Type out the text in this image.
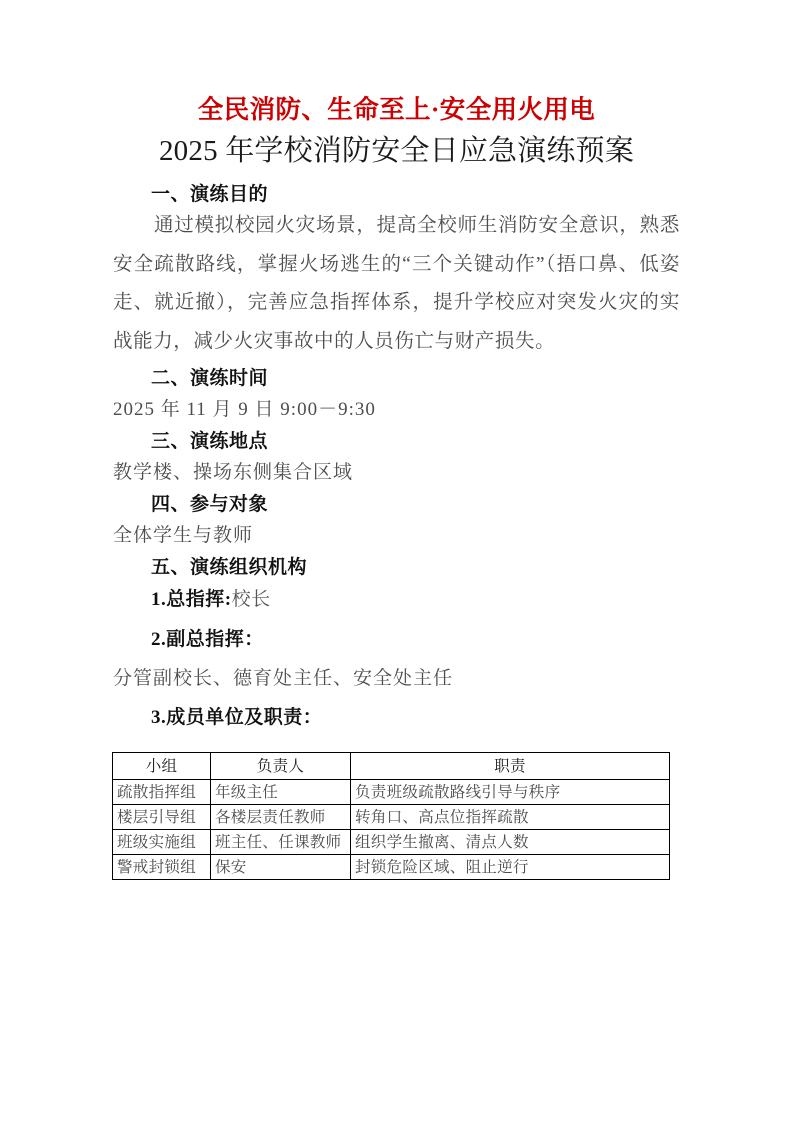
全民消防、生命至上·安全用火用电
2025 年学校消防安全日应急演练预案
一、演练目的

通过模拟校园火灾场景，提高全校师生消防安全意识，熟悉安全疏散路线，掌握火场逃生的“三个关键动作”（捂口鼻、低姿走、就近撤），完善应急指挥体系，提升学校应对突发火灾的实战能力，减少火灾事故中的人员伤亡与财产损失。

二、演练时间

2025 年 11 月 9 日 9:00－9:30

三、演练地点

教学楼、操场东侧集合区域

四、参与对象

全体学生与教师

五、演练组织机构

1.总指挥:校长

2.副总指挥：

分管副校长、德育处主任、安全处主任

3.成员单位及职责：

小组	负责人	职责
疏散指挥组	年级主任	负责班级疏散路线引导与秩序
楼层引导组	各楼层责任教师	转角口、高点位指挥疏散
班级实施组	班主任、任课教师	组织学生撤离、清点人数
警戒封锁组	保安	封锁危险区域、阻止逆行
